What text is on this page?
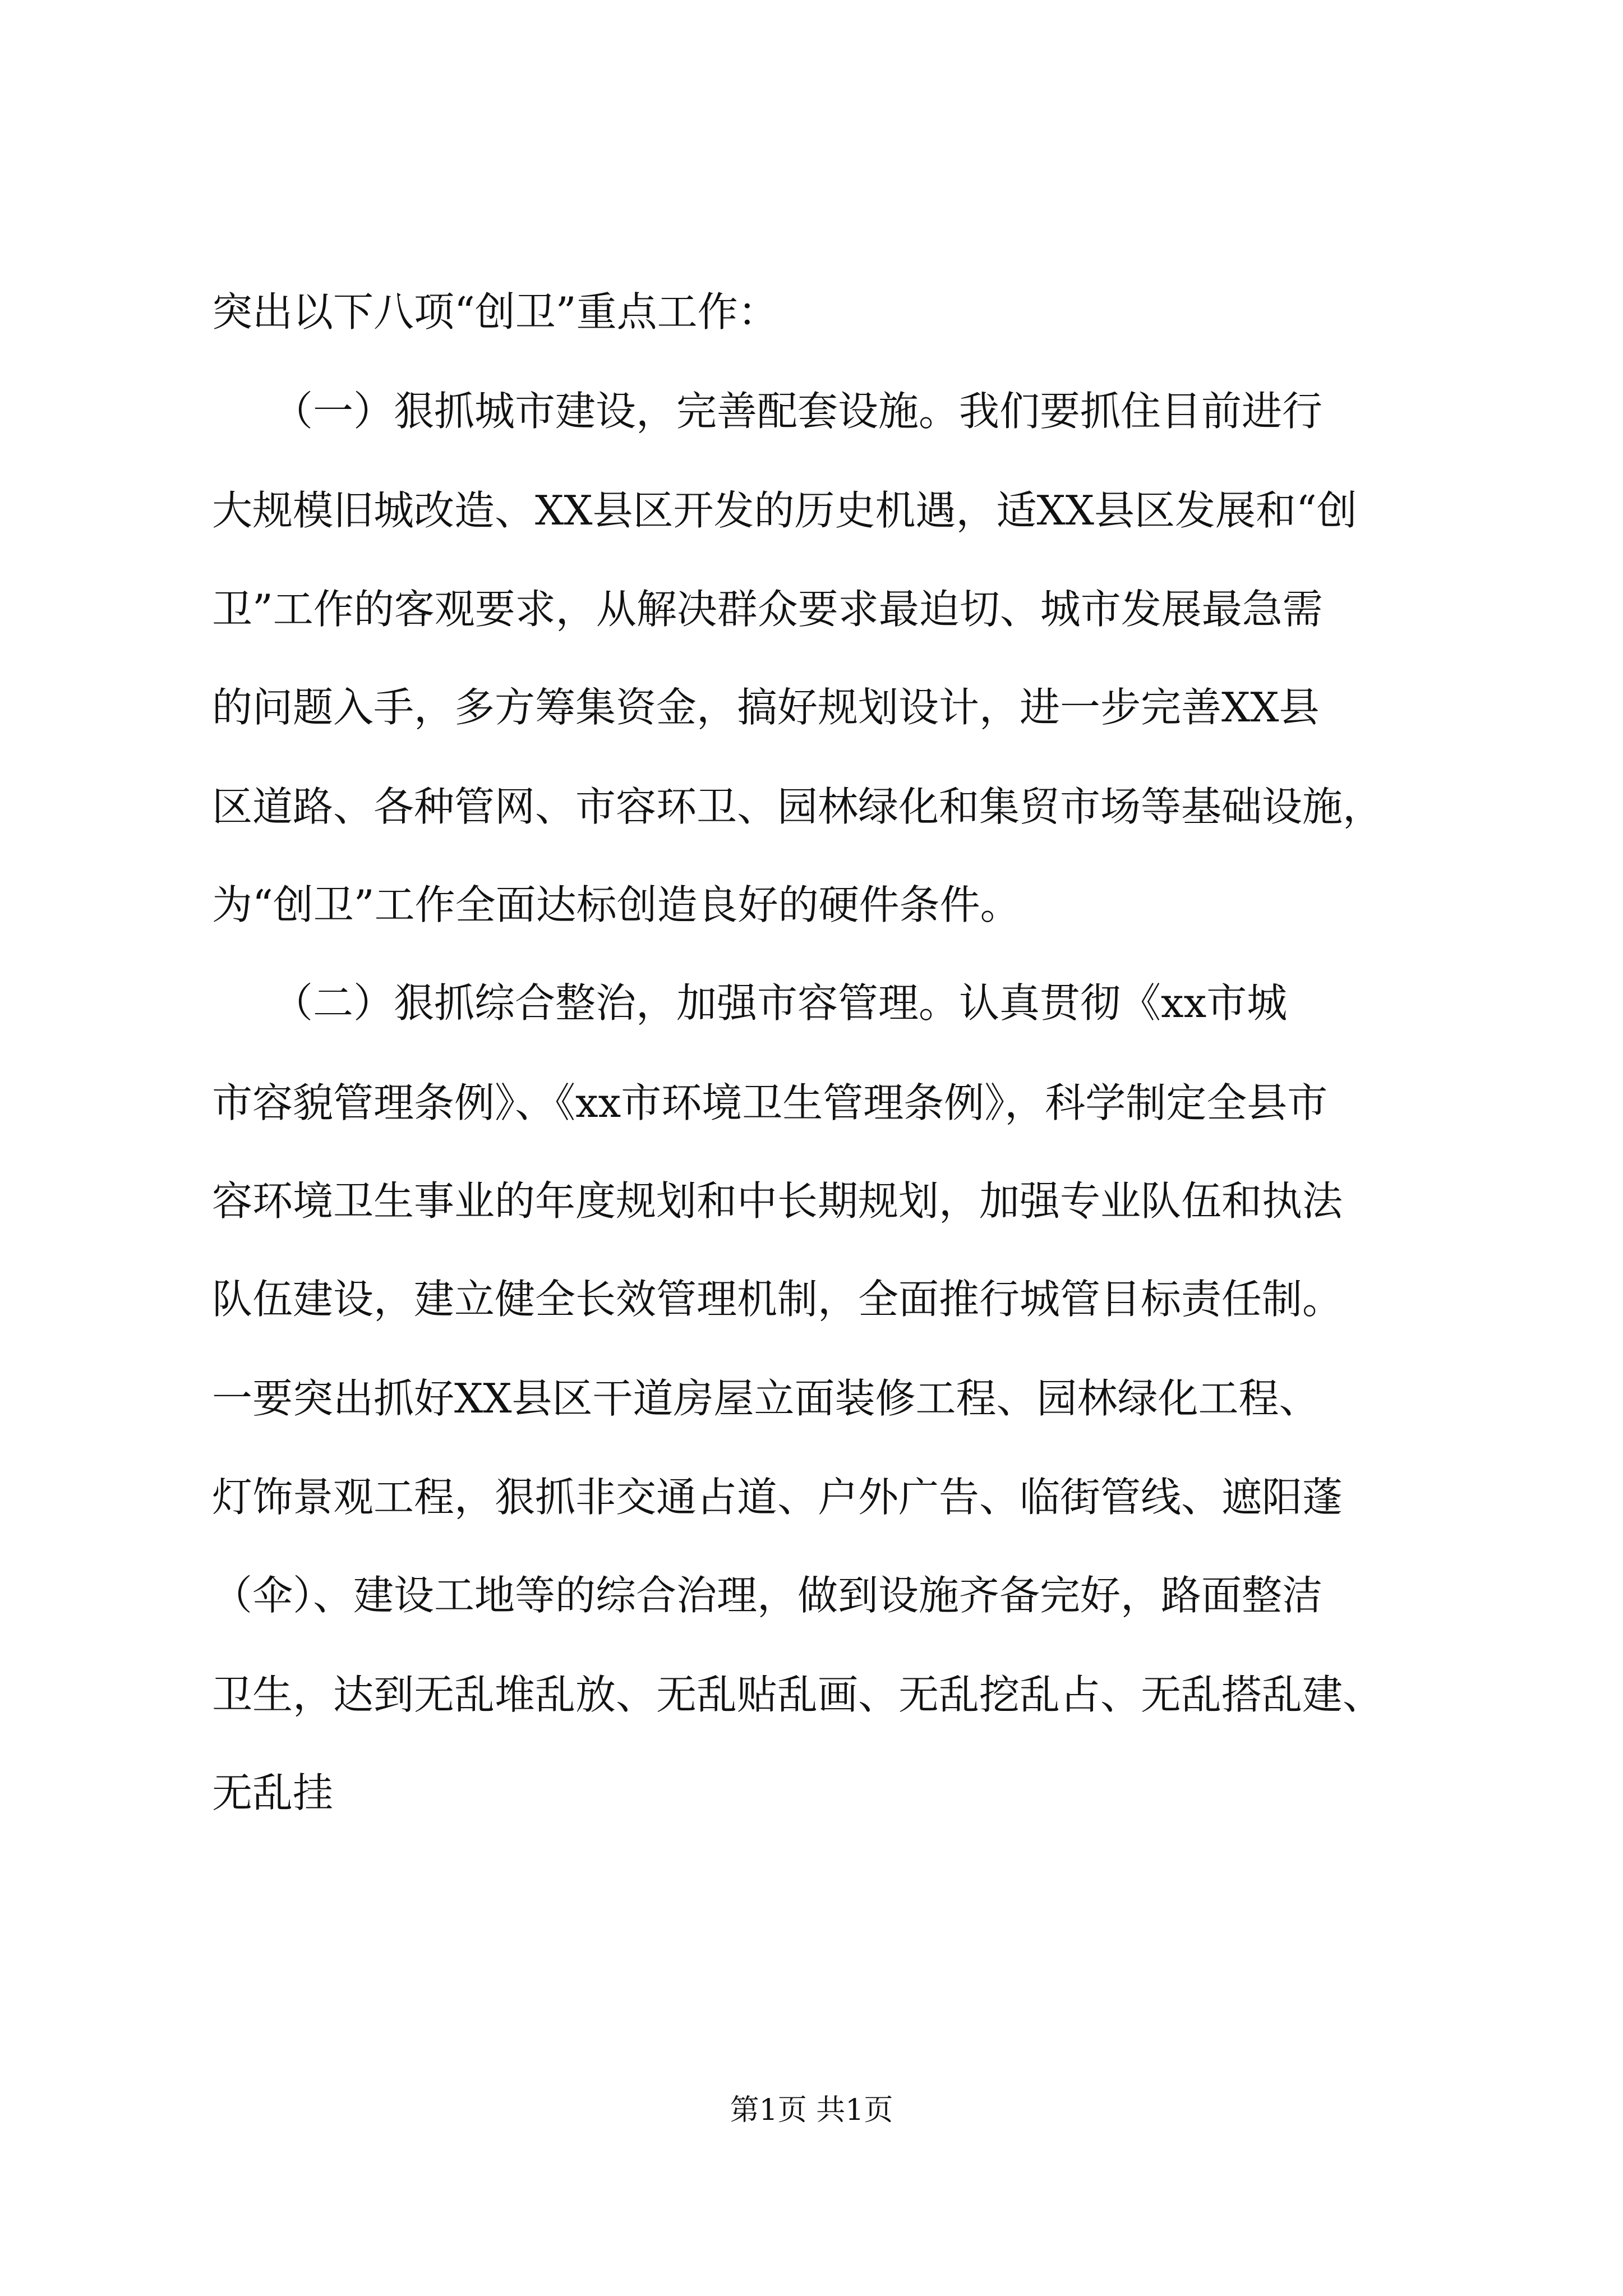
突出以下八项“创卫”重点工作：
　　（一）狠抓城市建设，完善配套设施。我们要抓住目前进行
大规模旧城改造、XX县区开发的历史机遇，适XX县区发展和“创
卫”工作的客观要求，从解决群众要求最迫切、城市发展最急需
的问题入手，多方筹集资金，搞好规划设计，进一步完善XX县
区道路、各种管网、市容环卫、园林绿化和集贸市场等基础设施，
为“创卫”工作全面达标创造良好的硬件条件。
　　（二）狠抓综合整治，加强市容管理。认真贯彻《xx市城
市容貌管理条例》、《xx市环境卫生管理条例》，科学制定全县市
容环境卫生事业的年度规划和中长期规划，加强专业队伍和执法
队伍建设，建立健全长效管理机制，全面推行城管目标责任制。
一要突出抓好XX县区干道房屋立面装修工程、园林绿化工程、
灯饰景观工程，狠抓非交通占道、户外广告、临街管线、遮阳蓬
（伞）、建设工地等的综合治理，做到设施齐备完好，路面整洁
卫生，达到无乱堆乱放、无乱贴乱画、无乱挖乱占、无乱搭乱建、
无乱挂
第1页 共1页
